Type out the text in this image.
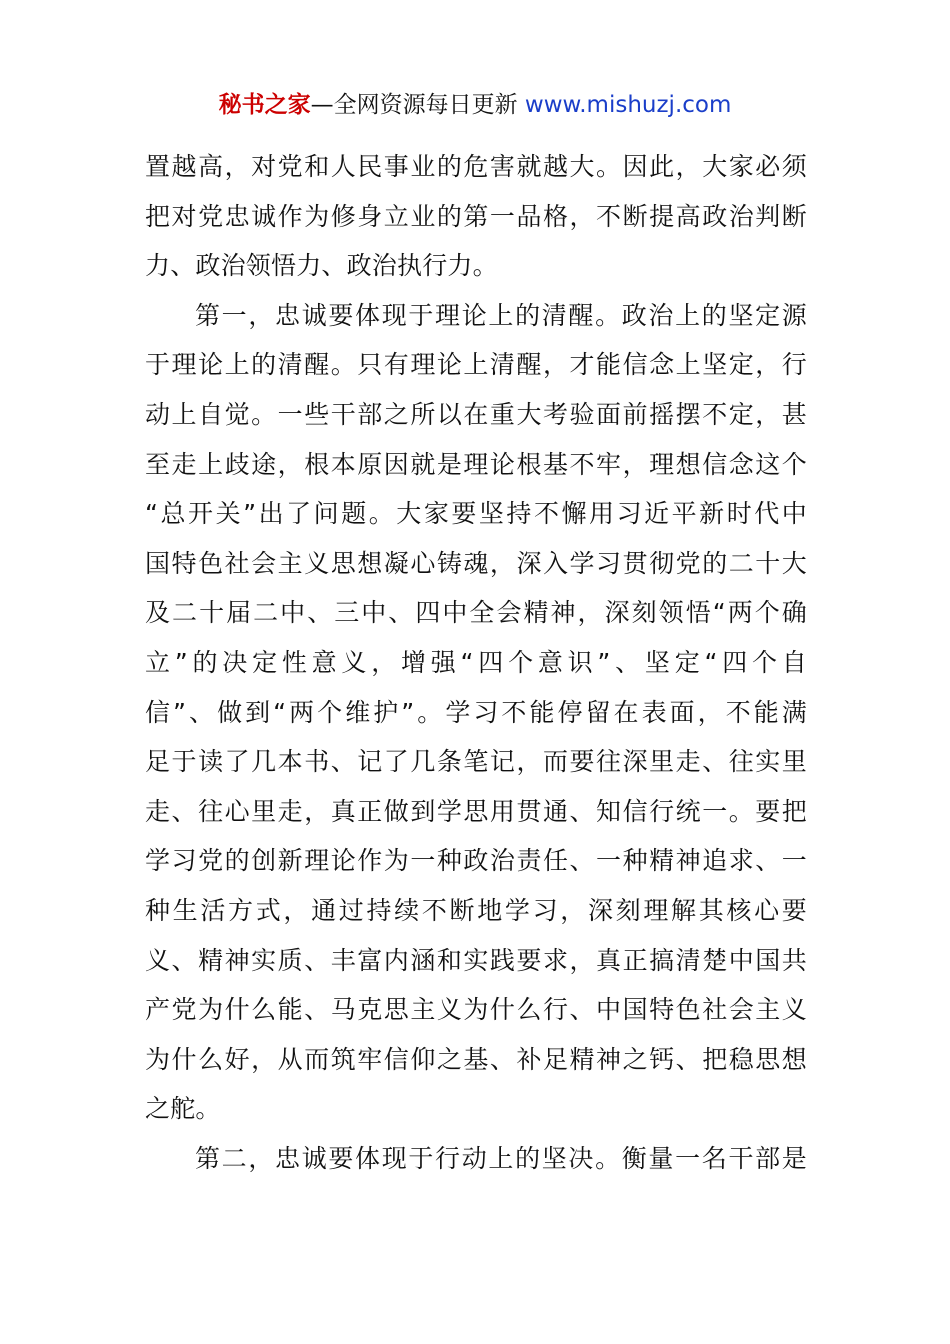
秘书之家—全网资源每日更新 www.mishuzj.com
置越高，对党和人民事业的危害就越大。因此，大家必须
把对党忠诚作为修身立业的第一品格，不断提高政治判断
力、政治领悟力、政治执行力。
第一，忠诚要体现于理论上的清醒。政治上的坚定源
于理论上的清醒。只有理论上清醒，才能信念上坚定，行
动上自觉。一些干部之所以在重大考验面前摇摆不定，甚
至走上歧途，根本原因就是理论根基不牢，理想信念这个
“总开关”出了问题。大家要坚持不懈用习近平新时代中
国特色社会主义思想凝心铸魂，深入学习贯彻党的二十大
及二十届二中、三中、四中全会精神，深刻领悟“两个确
立”的决定性意义，增强“四个意识”、坚定“四个自
信”、做到“两个维护”。学习不能停留在表面，不能满
足于读了几本书、记了几条笔记，而要往深里走、往实里
走、往心里走，真正做到学思用贯通、知信行统一。要把
学习党的创新理论作为一种政治责任、一种精神追求、一
种生活方式，通过持续不断地学习，深刻理解其核心要
义、精神实质、丰富内涵和实践要求，真正搞清楚中国共
产党为什么能、马克思主义为什么行、中国特色社会主义
为什么好，从而筑牢信仰之基、补足精神之钙、把稳思想
之舵。
第二，忠诚要体现于行动上的坚决。衡量一名干部是
